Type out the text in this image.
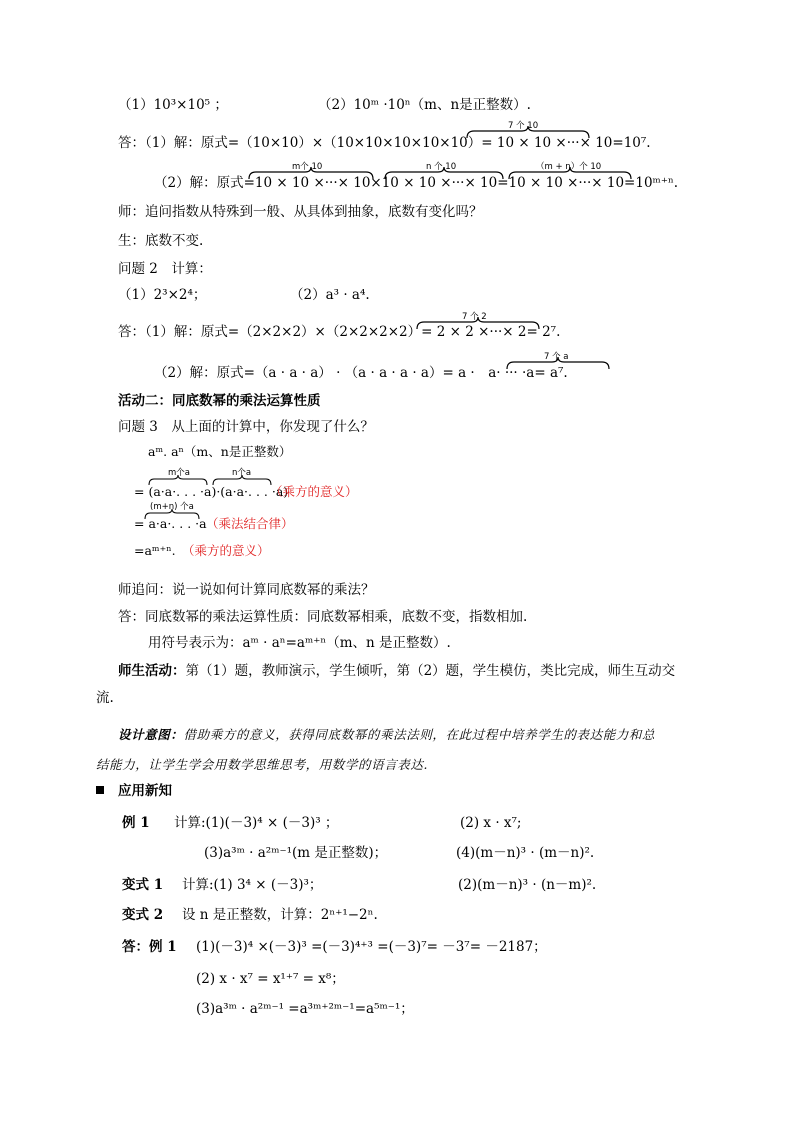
（1）10³×10⁵ ；	（2）10ᵐ ·10ⁿ（m、n是正整数）.
7 个 10
答：（1）解：原式=（10×10）×（10×10×10×10×10）= 10 × 10 ×···× 10=10⁷.
m个 10	n 个 10	（m + n）个 10
（2）解：原式=10 × 10 ×···× 10×10 × 10 ×···× 10=10 × 10 ×···× 10=10ᵐ⁺ⁿ.
师：追问指数从特殊到一般、从具体到抽象，底数有变化吗？
生：底数不变.
问题 2　计算：
（1）2³×2⁴；	（2）a³ · a⁴.
7 个 2
答：（1）解：原式=（2×2×2）×（2×2×2×2）= 2 × 2 ×···× 2= 2⁷.
7 个 a
（2）解：原式=（a · a · a） · （a · a · a · a）= a ·　a· ··· ·a= a⁷.
活动二：同底数幂的乘法运算性质
问题 3　从上面的计算中，你发现了什么？
aᵐ. aⁿ（m、n是正整数）
m个a	n个a
= (a·a·. . . ·a)·(a·a·. . . ·a)
（乘方的意义）
(m+n) 个a
= a·a·. . . ·a （乘法结合律）
=aᵐ⁺ⁿ. （乘方的意义）
师追问：说一说如何计算同底数幂的乘法？
答：同底数幂的乘法运算性质：同底数幂相乘，底数不变，指数相加.
用符号表示为：aᵐ · aⁿ=aᵐ⁺ⁿ（m、n 是正整数）.
师生活动：第（1）题，教师演示，学生倾听，第（2）题，学生模仿，类比完成，师生互动交
流.
设计意图：借助乘方的意义，获得同底数幂的乘法法则，在此过程中培养学生的表达能力和总
结能力，让学生学会用数学思维思考，用数学的语言表达.
应用新知
例 1 计算:(1)(－3)⁴ × (－3)³ ；	(2) x · x⁷;
(3)a³ᵐ · a²ᵐ⁻¹(m 是正整数)；	(4)(m－n)³ · (m－n)².
变式 1 计算:(1) 3⁴ × (－3)³；	(2)(m－n)³ · (n－m)².
变式 2 设 n 是正整数，计算：2ⁿ⁺¹−2ⁿ.
答：例 1 (1)(－3)⁴ ×(－3)³ =(－3)⁴⁺³ =(－3)⁷= －3⁷= －2187；
(2) x · x⁷ = x¹⁺⁷ = x⁸；
(3)a³ᵐ · a²ᵐ⁻¹ =a³ᵐ⁺²ᵐ⁻¹=a⁵ᵐ⁻¹；
